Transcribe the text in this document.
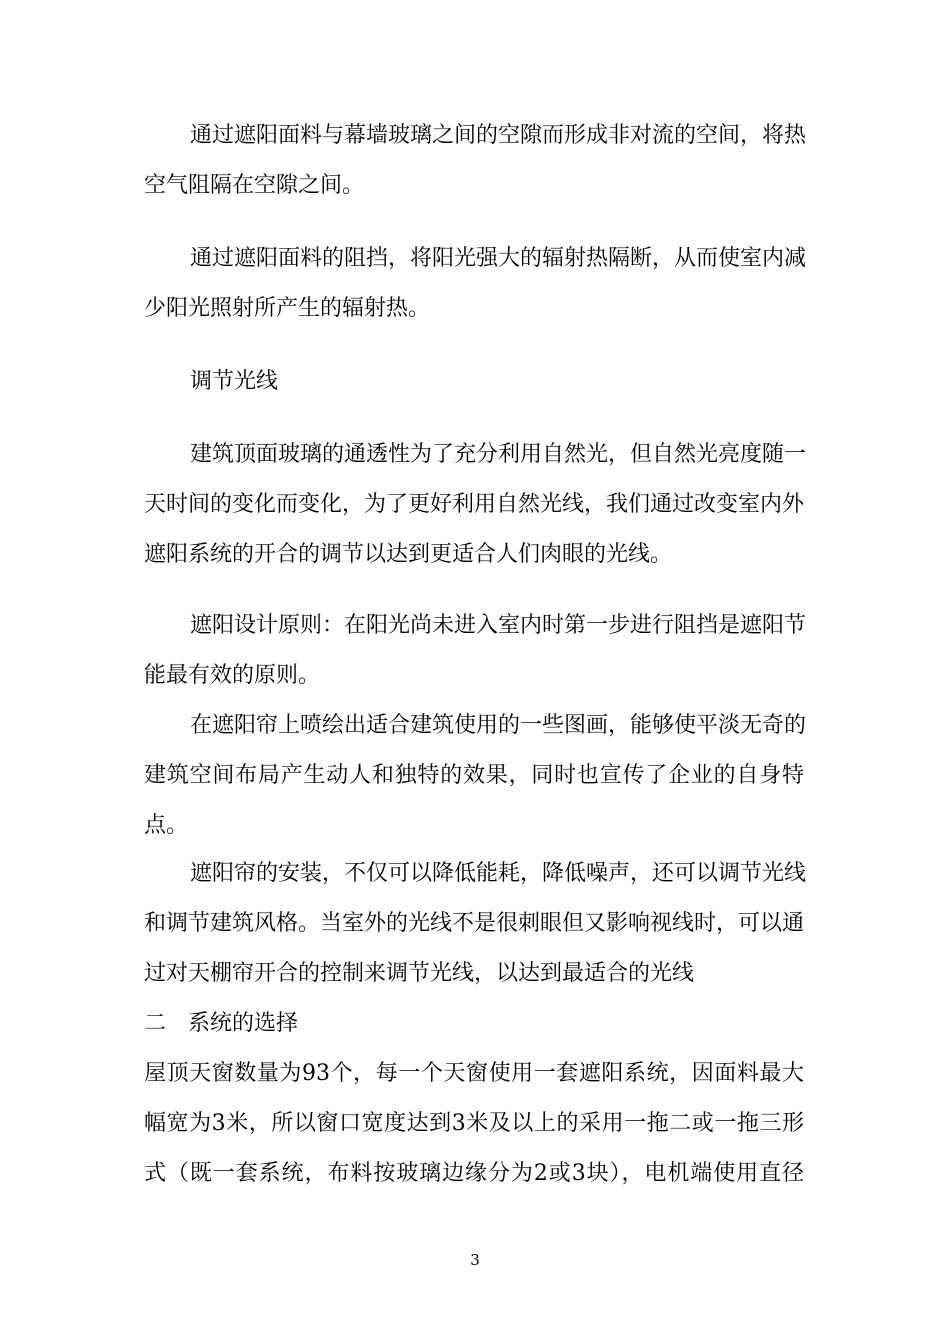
通过遮阳面料与幕墙玻璃之间的空隙而形成非对流的空间，将热
空气阻隔在空隙之间。
通过遮阳面料的阻挡，将阳光强大的辐射热隔断，从而使室内减
少阳光照射所产生的辐射热。
调节光线
建筑顶面玻璃的通透性为了充分利用自然光，但自然光亮度随一
天时间的变化而变化，为了更好利用自然光线，我们通过改变室内外
遮阳系统的开合的调节以达到更适合人们肉眼的光线。
遮阳设计原则：在阳光尚未进入室内时第一步进行阻挡是遮阳节
能最有效的原则。
在遮阳帘上喷绘出适合建筑使用的一些图画，能够使平淡无奇的
建筑空间布局产生动人和独特的效果，同时也宣传了企业的自身特
点。
遮阳帘的安装，不仅可以降低能耗，降低噪声，还可以调节光线
和调节建筑风格。当室外的光线不是很刺眼但又影响视线时，可以通
过对天棚帘开合的控制来调节光线，以达到最适合的光线
二　系统的选择
屋顶天窗数量为93个，每一个天窗使用一套遮阳系统，因面料最大
幅宽为3米，所以窗口宽度达到3米及以上的采用一拖二或一拖三形
式（既一套系统，布料按玻璃边缘分为2或3块），电机端使用直径
3
